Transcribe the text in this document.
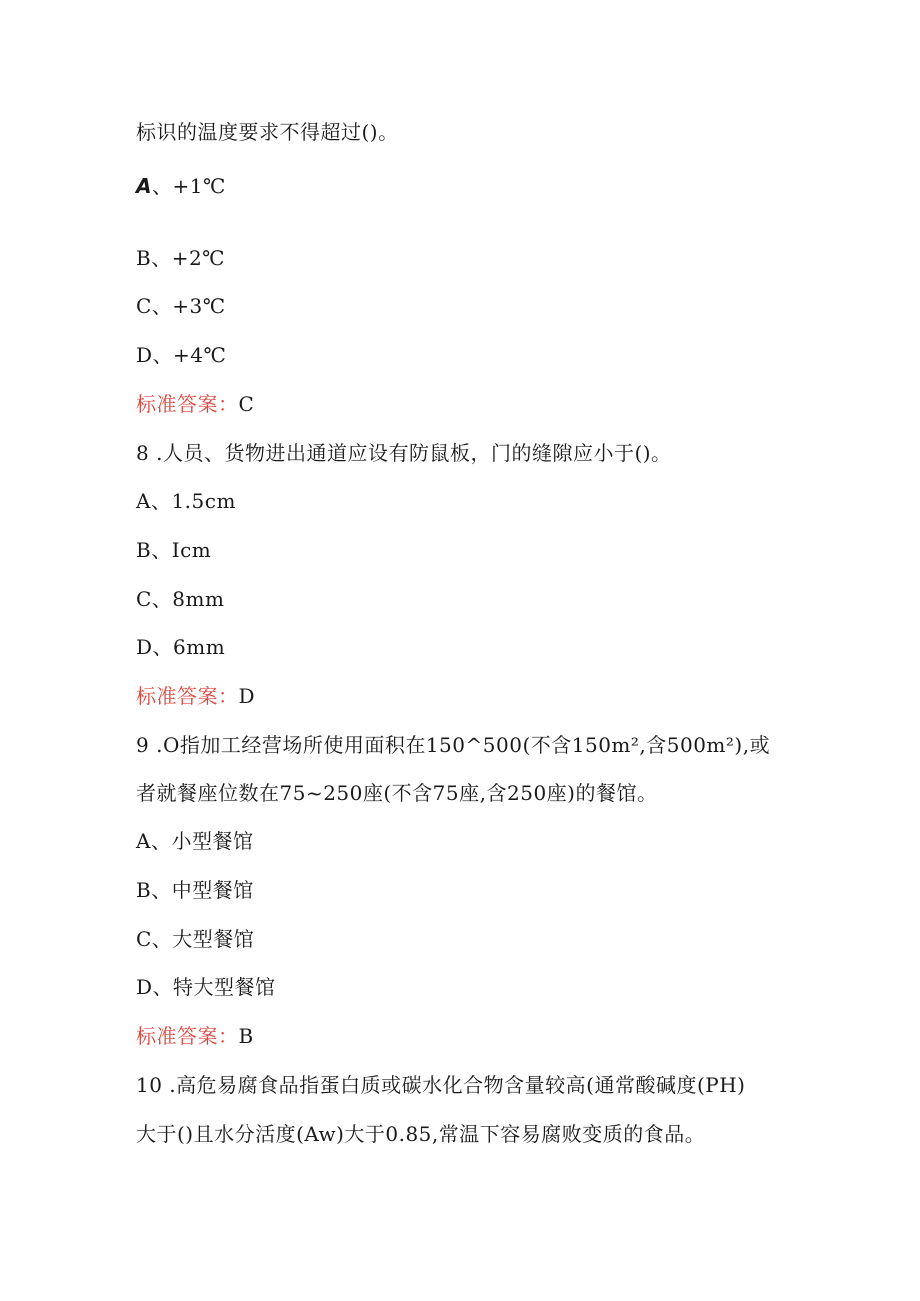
标识的温度要求不得超过()。
A、+1℃
B、+2℃
C、+3℃
D、+4℃
标准答案：C
8 .人员、货物进出通道应设有防鼠板，门的缝隙应小于()。
A、1.5cm
B、Icm
C、8mm
D、6mm
标准答案：D
9 .O指加工经营场所使用面积在150^500(不含150m²,含500m²),或
者就餐座位数在75~250座(不含75座,含250座)的餐馆。
A、小型餐馆
B、中型餐馆
C、大型餐馆
D、特大型餐馆
标准答案：B
10 .高危易腐食品指蛋白质或碳水化合物含量较高(通常酸碱度(PH)
大于()且水分活度(Aw)大于0.85,常温下容易腐败变质的食品。
